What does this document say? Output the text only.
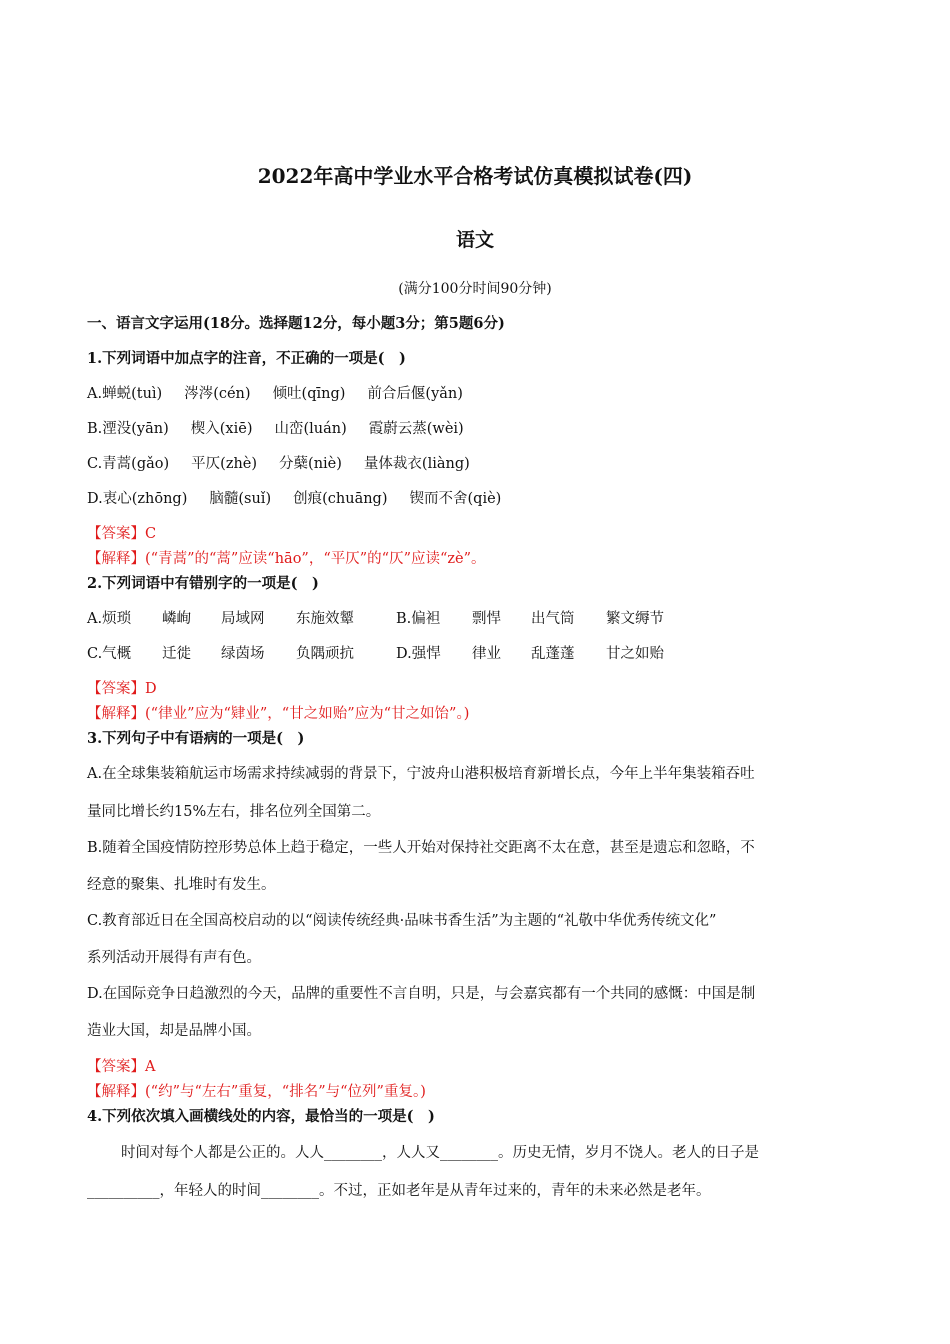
2022年高中学业水平合格考试仿真模拟试卷(四)
语文
(满分100分时间90分钟)
一、语言文字运用(18分。选择题12分，每小题3分；第5题6分)
1.下列词语中加点字的注音，不正确的一项是(　)
A.蝉蜕(tuì) 涔涔(cén) 倾吐(qīng) 前合后偃(yǎn)
B.湮没(yān) 楔入(xiē) 山峦(luán) 霞蔚云蒸(wèi)
C.青蒿(gǎo) 平仄(zhè) 分蘖(niè) 量体裁衣(liàng)
D.衷心(zhōng) 脑髓(suǐ) 创痕(chuāng) 锲而不舍(qiè)
【答案】C
【解释】(“青蒿”的“蒿”应读“hāo”，“平仄”的“仄”应读“zè”。
2.下列词语中有错别字的一项是(　)
A.烦琐 嶙峋 局域网 东施效颦	B.偏袒 剽悍 出气筒 繁文缛节
C.气概 迁徙 绿茵场 负隅顽抗	D.强悍 律业 乱蓬蓬 甘之如贻
【答案】D
【解释】(“律业”应为“肄业”，“甘之如贻”应为“甘之如饴”。)
3.下列句子中有语病的一项是(　)
A.在全球集装箱航运市场需求持续减弱的背景下，宁波舟山港积极培育新增长点，今年上半年集装箱吞吐
量同比增长约15%左右，排名位列全国第二。
B.随着全国疫情防控形势总体上趋于稳定，一些人开始对保持社交距离不太在意，甚至是遗忘和忽略，不
经意的聚集、扎堆时有发生。
C.教育部近日在全国高校启动的以“阅读传统经典·品味书香生活”为主题的“礼敬中华优秀传统文化”
系列活动开展得有声有色。
D.在国际竞争日趋激烈的今天，品牌的重要性不言自明，只是，与会嘉宾都有一个共同的感慨：中国是制
造业大国，却是品牌小国。
【答案】A
【解释】(“约”与“左右”重复，“排名”与“位列”重复。)
4.下列依次填入画横线处的内容，最恰当的一项是(　)
时间对每个人都是公正的。人人________，人人又________。历史无情，岁月不饶人。老人的日子是
__________，年轻人的时间________。不过，正如老年是从青年过来的，青年的未来必然是老年。
